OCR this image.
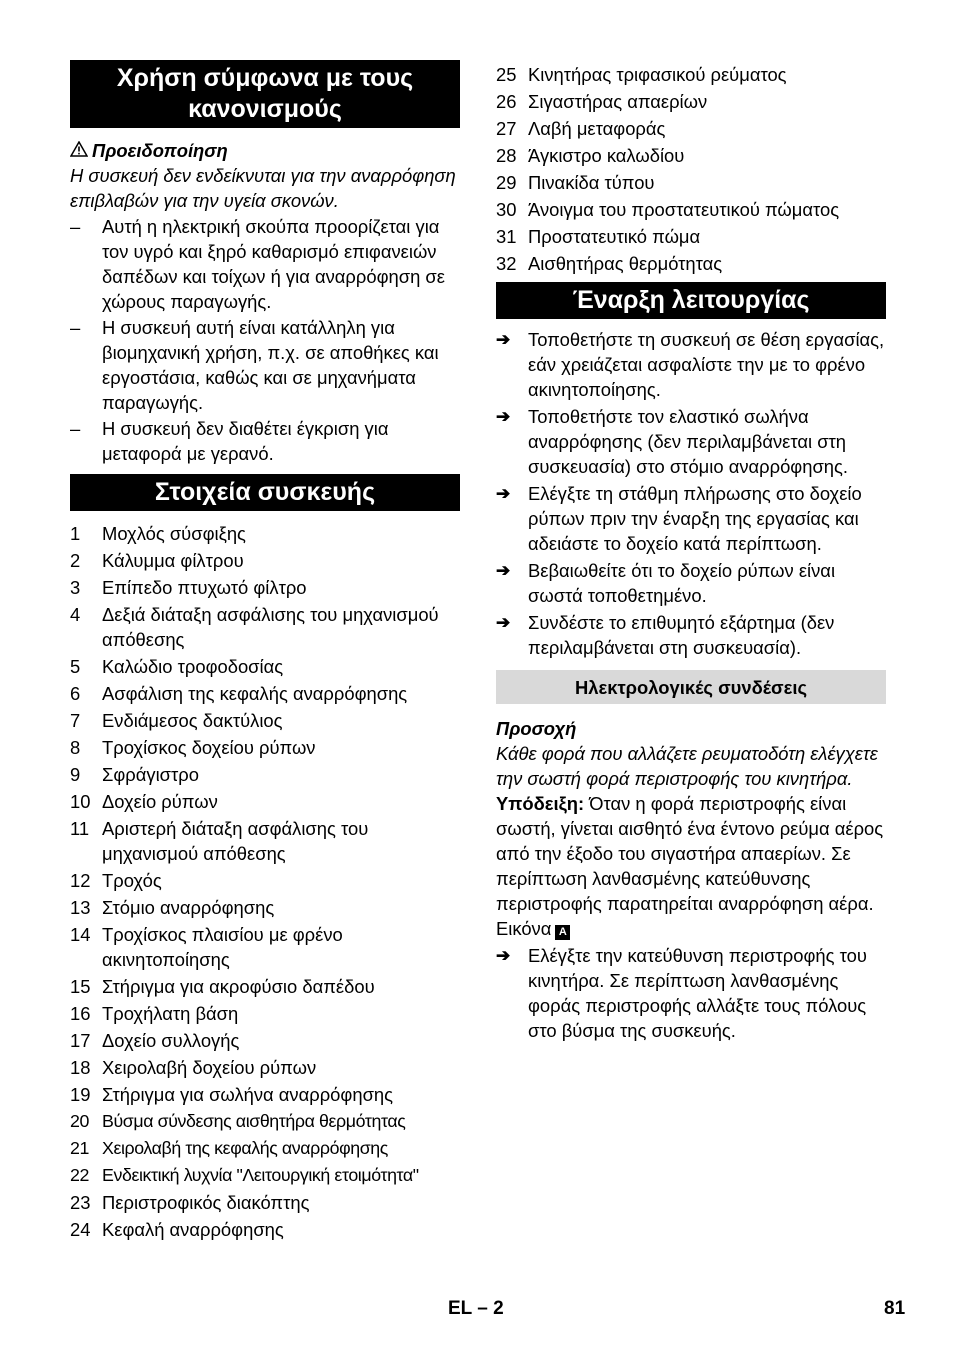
Χρήση σύμφωνα με τους κανονισμούς
Προειδοποίηση
Η συσκευή δεν ενδείκνυται για την αναρρόφηση επιβλαβών για την υγεία σκονών.
–	Αυτή η ηλεκτρική σκούπα προορίζεται για τον υγρό και ξηρό καθαρισμό επιφανειών δαπέδων και τοίχων ή για αναρρόφηση σε χώρους παραγωγής.
–	Η συσκευή αυτή είναι κατάλληλη για βιομηχανική χρήση, π.χ. σε αποθήκες και εργοστάσια, καθώς και σε μηχανήματα παραγωγής.
–	Η συσκευή δεν διαθέτει έγκριση για μεταφορά με γερανό.
Στοιχεία συσκευής
1	Μοχλός σύσφιξης
2	Κάλυμμα φίλτρου
3	Επίπεδο πτυχωτό φίλτρο
4	Δεξιά διάταξη ασφάλισης του μηχανισμού απόθεσης
5	Καλώδιο τροφοδοσίας
6	Ασφάλιση της κεφαλής αναρρόφησης
7	Ενδιάμεσος δακτύλιος
8	Τροχίσκος δοχείου ρύπων
9	Σφράγιστρο
10 Δοχείο ρύπων
11 Αριστερή διάταξη ασφάλισης του μηχανισμού απόθεσης
12 Τροχός
13 Στόμιο αναρρόφησης
14 Τροχίσκος πλαισίου με φρένο ακινητοποίησης
15 Στήριγμα για ακροφύσιο δαπέδου
16 Τροχήλατη βάση
17 Δοχείο συλλογής
18 Χειρολαβή δοχείου ρύπων
19 Στήριγμα για σωλήνα αναρρόφησης
20 Βύσμα σύνδεσης αισθητήρα θερμότητας
21 Χειρολαβή της κεφαλής αναρρόφησης
22 Ενδεικτική λυχνία "Λειτουργική ετοιμότητα"
23 Περιστροφικός διακόπτης
24 Κεφαλή αναρρόφησης
25 Κινητήρας τριφασικού ρεύματος
26 Σιγαστήρας απαερίων
27 Λαβή μεταφοράς
28 Άγκιστρο καλωδίου
29 Πινακίδα τύπου
30 Άνοιγμα του προστατευτικού πώματος
31 Προστατευτικό πώμα
32 Αισθητήρας θερμότητας
Έναρξη λειτουργίας
➔ Τοποθετήστε τη συσκευή σε θέση εργασίας, εάν χρειάζεται ασφαλίστε την με το φρένο ακινητοποίησης.
➔ Τοποθετήστε τον ελαστικό σωλήνα αναρρόφησης (δεν περιλαμβάνεται στη συσκευασία) στο στόμιο αναρρόφησης.
➔ Ελέγξτε τη στάθμη πλήρωσης στο δοχείο ρύπων πριν την έναρξη της εργασίας και αδειάστε το δοχείο κατά περίπτωση.
➔ Βεβαιωθείτε ότι το δοχείο ρύπων είναι σωστά τοποθετημένο.
➔ Συνδέστε το επιθυμητό εξάρτημα (δεν περιλαμβάνεται στη συσκευασία).
Ηλεκτρολογικές συνδέσεις
Προσοχή
Κάθε φορά που αλλάζετε ρευματοδότη ελέγχετε την σωστή φορά περιστροφής του κινητήρα.
Υπόδειξη: Όταν η φορά περιστροφής είναι σωστή, γίνεται αισθητό ένα έντονο ρεύμα αέρος από την έξοδο του σιγαστήρα απαερίων. Σε περίπτωση λανθασμένης κατεύθυνσης περιστροφής παρατηρείται αναρρόφηση αέρα.
Εικόνα A
➔ Ελέγξτε την κατεύθυνση περιστροφής του κινητήρα. Σε περίπτωση λανθασμένης φοράς περιστροφής αλλάξτε τους πόλους στο βύσμα της συσκευής.
EL – 2	81
